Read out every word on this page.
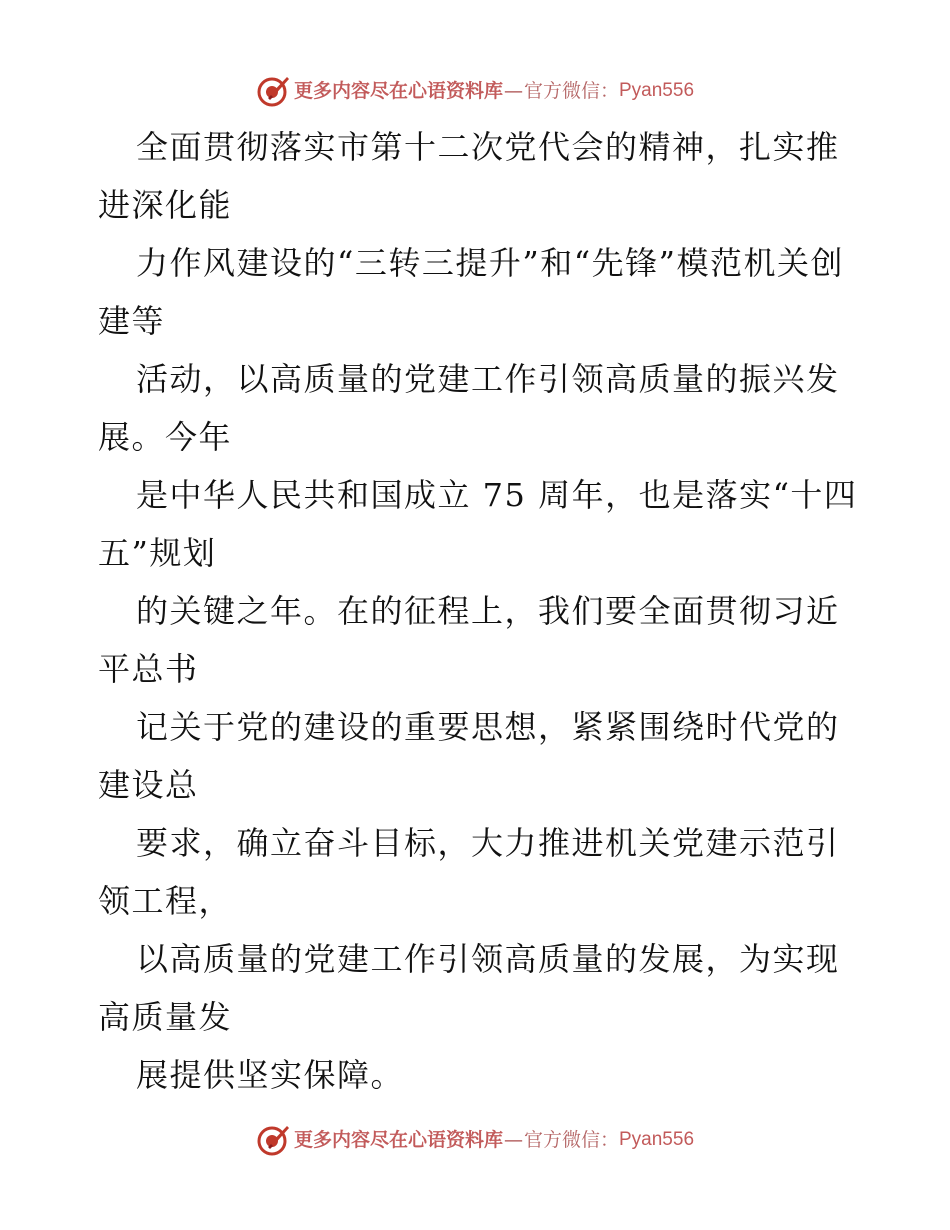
更多内容尽在心语资料库 — 官方微信： Pyan556

全面贯彻落实市第十二次党代会的精神，扎实推进深化能

力作风建设的“三转三提升”和“先锋”模范机关创建等

活动，以高质量的党建工作引领高质量的振兴发展。今年

是中华人民共和国成立 75 周年，也是落实“十四五”规划

的关键之年。在的征程上，我们要全面贯彻习近平总书

记关于党的建设的重要思想，紧紧围绕时代党的建设总

要求，确立奋斗目标，大力推进机关党建示范引领工程，

以高质量的党建工作引领高质量的发展，为实现高质量发

展提供坚实保障。

更多内容尽在心语资料库 — 官方微信： Pyan556
